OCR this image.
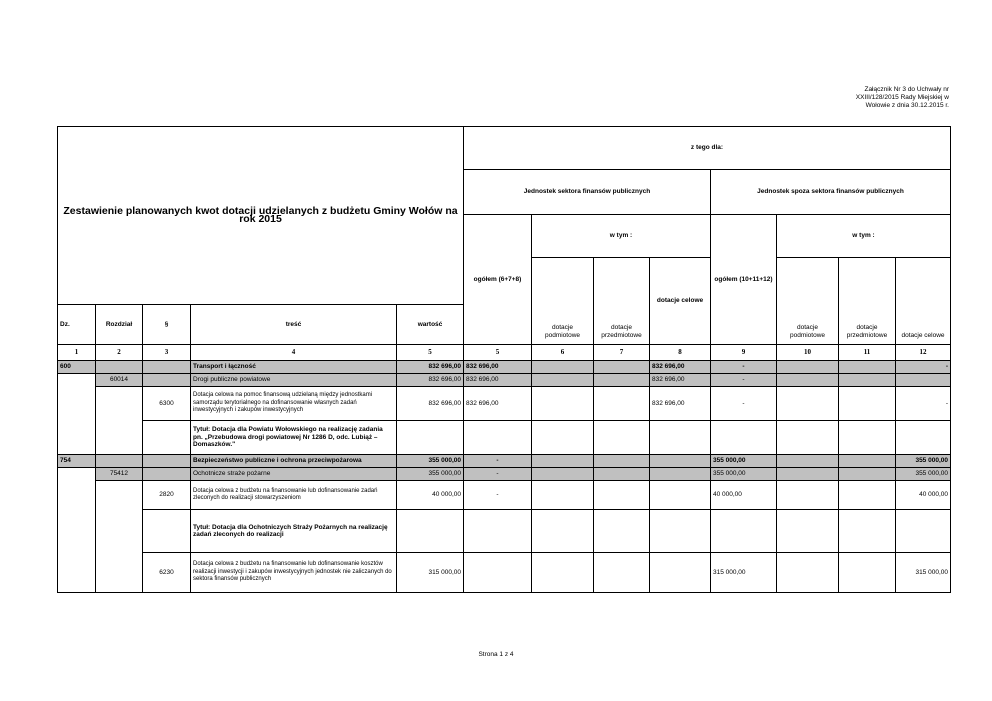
Załącznik Nr 3 do Uchwały nr
XXIII/128/2015 Rady Miejskiej w
Wołowie z dnia 30.12.2015 r.
Zestawienie planowanych kwot dotacji udzielanych z budżetu Gminy Wołów na rok 2015					z tego dla:							
					Jednostek sektora finansów publicznych				Jednostek spoza sektora finansów publicznych			
					ogółem (6+7+8)	w tym :			ogółem (10+11+12)	w tym :		
						dotacje podmiotowe	dotacje przedmiotowe	dotacje celowe		dotacje podmiotowe	dotacje przedmiotowe	dotacje celowe
Dz.	Rozdział	§	treść	wartość								
1	2	3	4	5	5	6	7	8	9	10	11	12
600			Transport i łączność	832 696,00	832 696,00			832 696,00	-			-
	60014		Drogi publiczne powiatowe	832 696,00	832 696,00			832 696,00	-			
		6300	Dotacja celowa na pomoc finansową udzielaną między jednostkami samorządu terytorialnego na dofinansowanie własnych zadań inwestycyjnych i zakupów inwestycyjnych	832 696,00	832 696,00			832 696,00	-			-
			Tytuł: Dotacja dla Powiatu Wołowskiego na realizację zadania pn. „Przebudowa drogi powiatowej Nr 1286 D, odc. Lubiąż – Domaszków."									
754			Bezpieczeństwo publiczne i ochrona przeciwpożarowa	355 000,00	-				355 000,00			355 000,00
	75412		Ochotnicze straże pożarne	355 000,00	-				355 000,00			355 000,00
		2820	Dotacja celowa z budżetu na finansowanie lub dofinansowanie zadań zleconych do realizacji stowarzyszeniom	40 000,00	-				40 000,00			40 000,00
			Tytuł: Dotacja dla Ochotniczych Straży Pożarnych na realizację zadań zleconych do realizacji									
		6230	Dotacja celowa z budżetu na finansowanie lub dofinansowanie kosztów realizacji inwestycji i zakupów inwestycyjnych jednostek nie zaliczanych do sektora finansów publicznych	315 000,00					315 000,00			315 000,00
Strona 1 z 4
